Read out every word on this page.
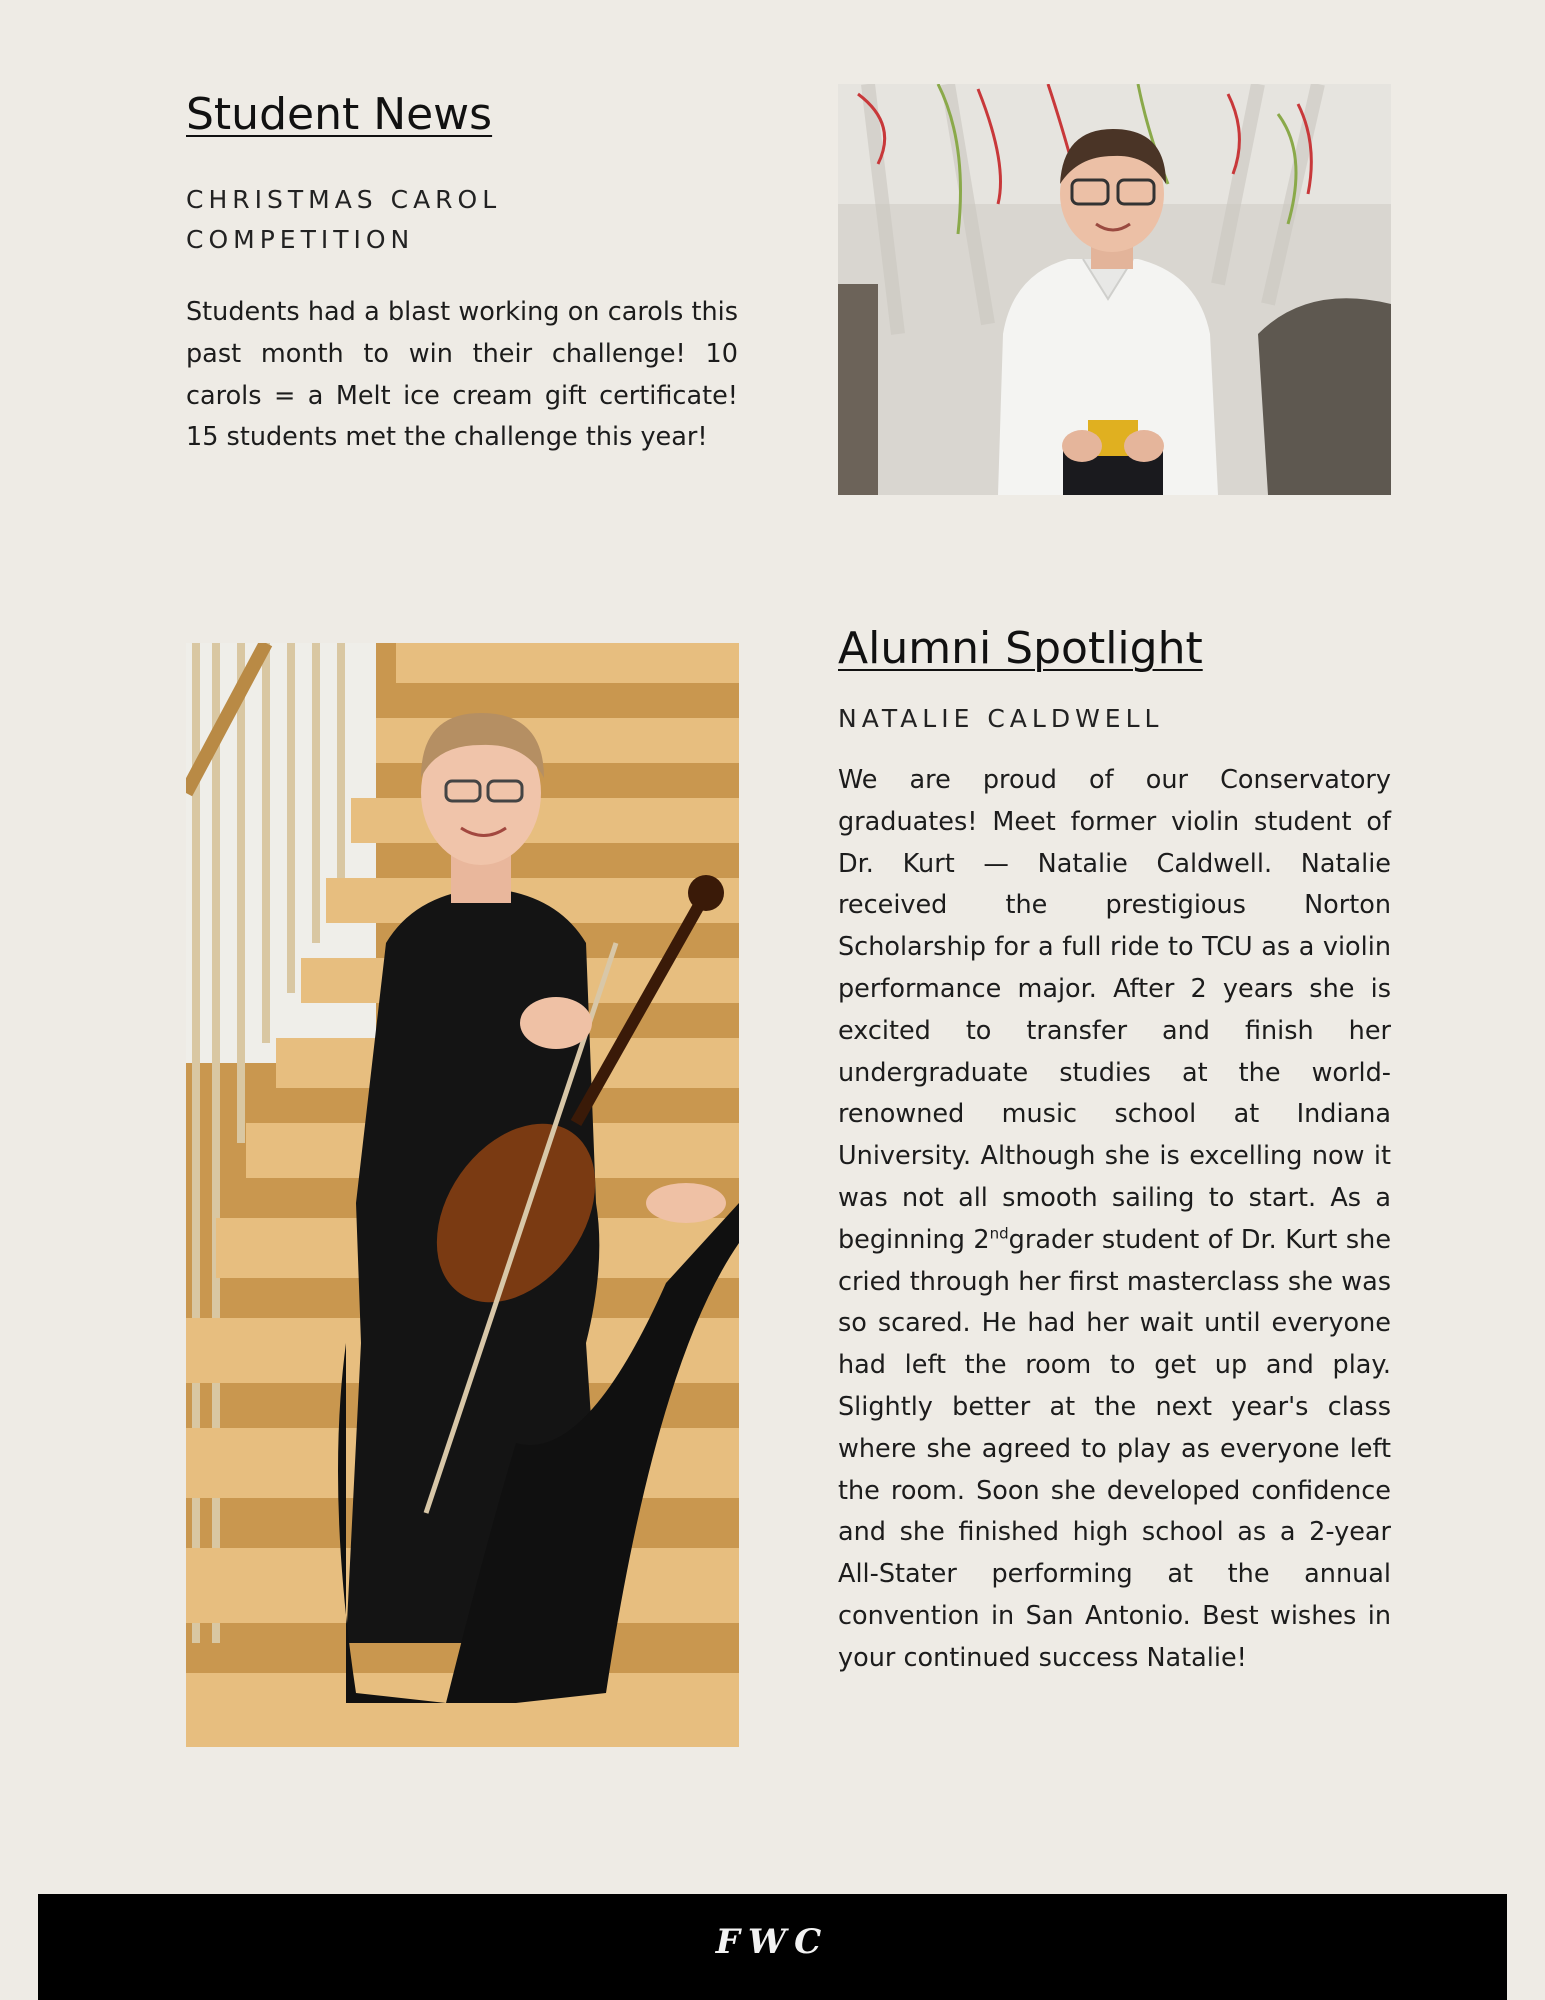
Student News
CHRISTMAS CAROL COMPETITION

Students had a blast working on carols this past month to win their challenge! 10 carols = a Melt ice cream gift certificate! 15 students met the challenge this year!

Alumni Spotlight
NATALIE CALDWELL

We are proud of our Conservatory graduates! Meet former violin student of Dr. Kurt — Natalie Caldwell. Natalie received the prestigious Norton Scholarship for a full ride to TCU as a violin performance major. After 2 years she is excited to transfer and finish her undergraduate studies at the world-renowned music school at Indiana University. Although she is excelling now it was not all smooth sailing to start. As a beginning 2ndgrader student of Dr. Kurt she cried through her first masterclass she was so scared. He had her wait until everyone had left the room to get up and play. Slightly better at the next year's class where she agreed to play as everyone left the room. Soon she developed confidence and she finished high school as a 2-year All-Stater performing at the annual convention in San Antonio. Best wishes in your continued success Natalie!

FWC
